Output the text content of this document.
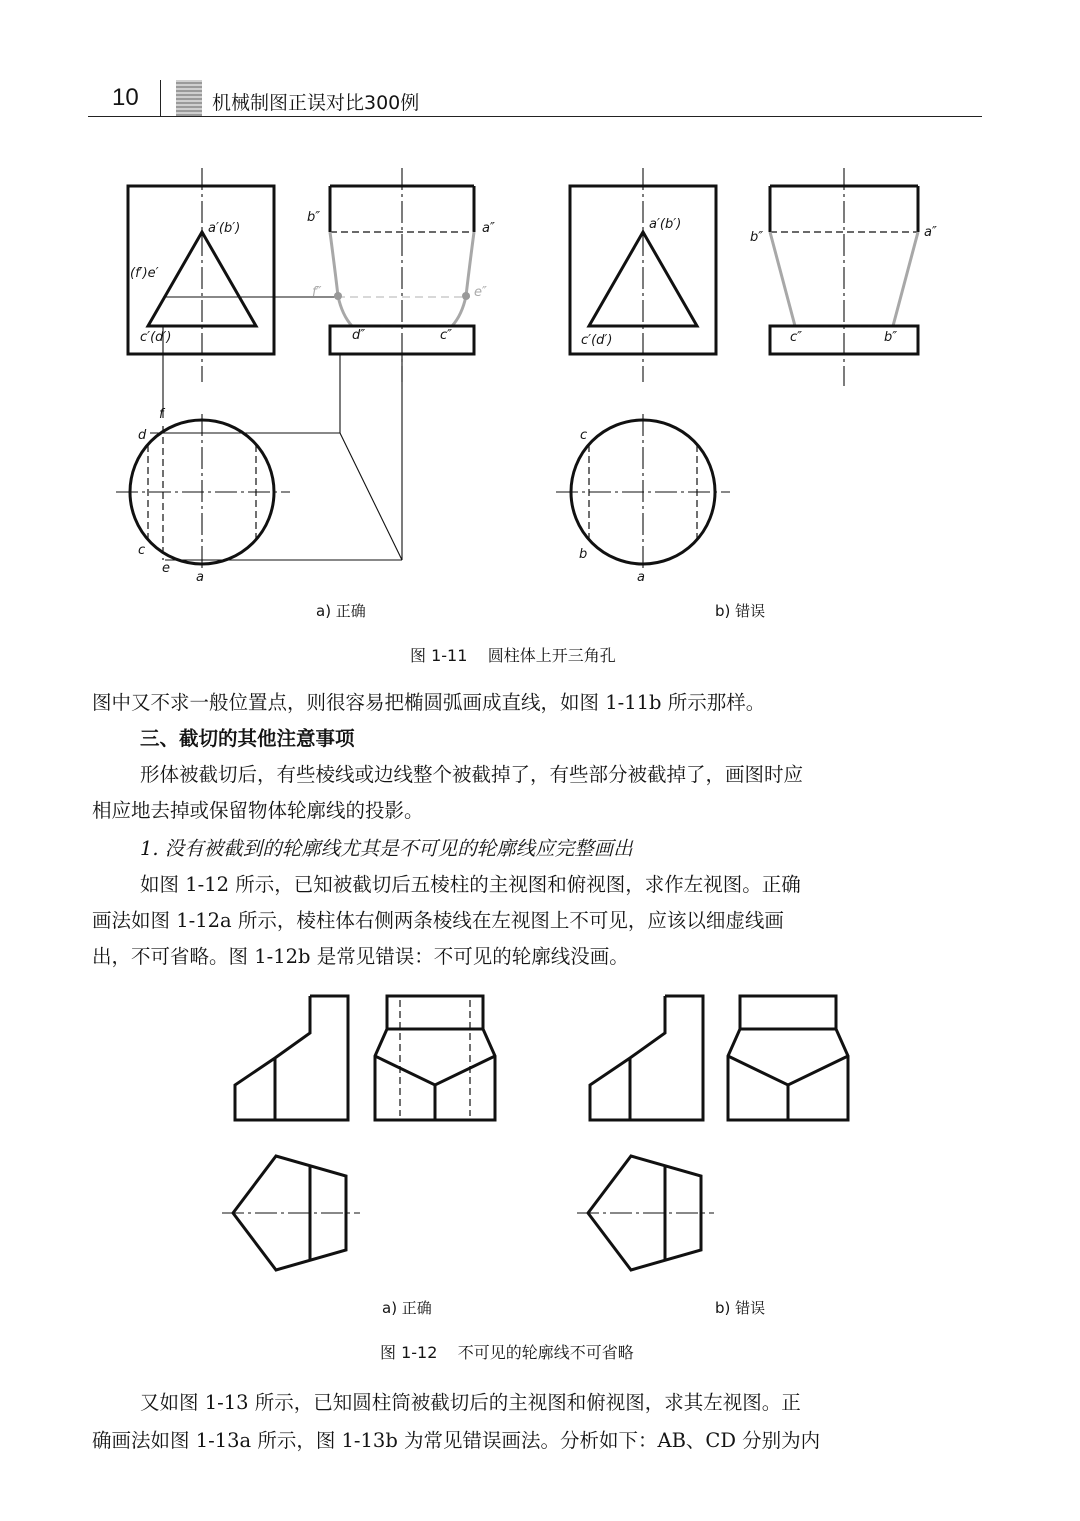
10	机械制图正误对比300例
a′(b′)
(f′)e′
c′(d′)
b″
a″
f″	e″
d″	c″
f
d
c
e
a
a′(b′)
c′(d′)
b″	a″
c″	b″
c
b
a
a) 正确	b) 错误
图 1-11    圆柱体上开三角孔
图中又不求一般位置点，则很容易把椭圆弧画成直线，如图 1-11b 所示那样。
三、截切的其他注意事项
形体被截切后，有些棱线或边线整个被截掉了，有些部分被截掉了，画图时应
相应地去掉或保留物体轮廓线的投影。
1. 没有被截到的轮廓线尤其是不可见的轮廓线应完整画出
如图 1-12 所示，已知被截切后五棱柱的主视图和俯视图，求作左视图。正确
画法如图 1-12a 所示，棱柱体右侧两条棱线在左视图上不可见，应该以细虚线画
出，不可省略。图 1-12b 是常见错误：不可见的轮廓线没画。
a) 正确	b) 错误
图 1-12    不可见的轮廓线不可省略
又如图 1-13 所示，已知圆柱筒被截切后的主视图和俯视图，求其左视图。正
确画法如图 1-13a 所示，图 1-13b 为常见错误画法。分析如下：AB、CD 分别为内
